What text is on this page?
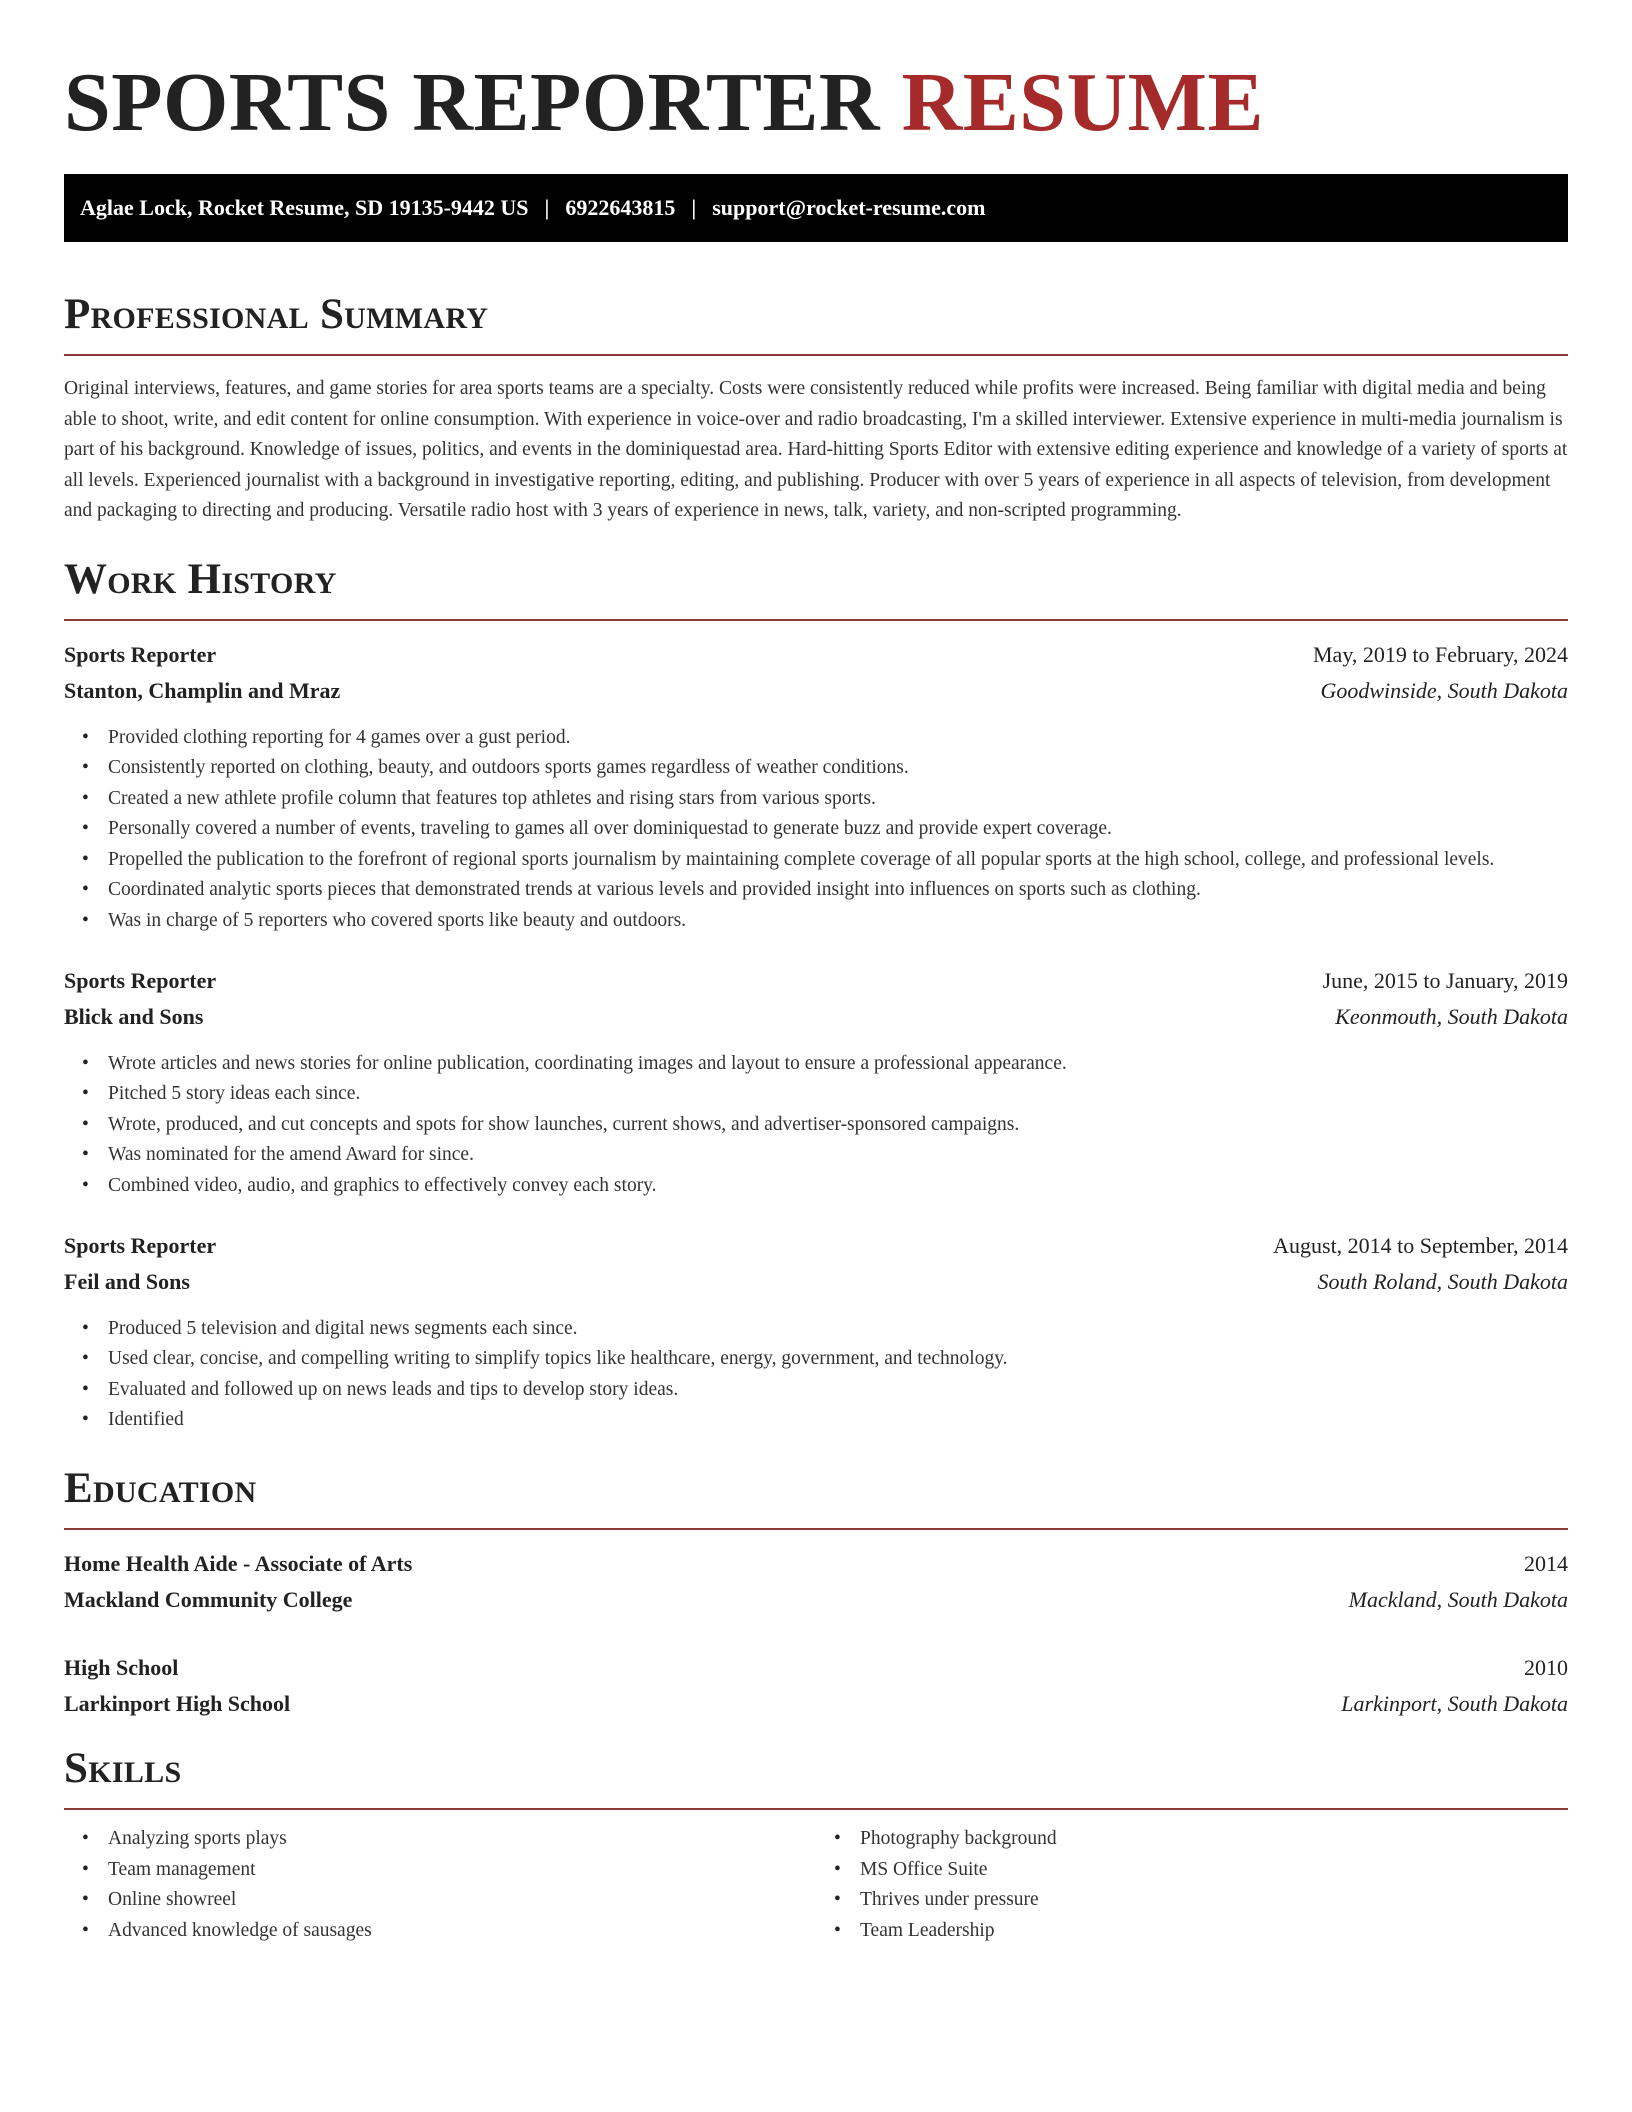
SPORTS REPORTER RESUME
Aglae Lock, Rocket Resume, SD 19135-9442 US | 6922643815 | support@rocket-resume.com
Professional Summary

Original interviews, features, and game stories for area sports teams are a specialty. Costs were consistently reduced while profits were increased. Being familiar with digital media and being able to shoot, write, and edit content for online consumption. With experience in voice-over and radio broadcasting, I'm a skilled interviewer. Extensive experience in multi-media journalism is part of his background. Knowledge of issues, politics, and events in the dominiquestad area. Hard-hitting Sports Editor with extensive editing experience and knowledge of a variety of sports at all levels. Experienced journalist with a background in investigative reporting, editing, and publishing. Producer with over 5 years of experience in all aspects of television, from development and packaging to directing and producing. Versatile radio host with 3 years of experience in news, talk, variety, and non-scripted programming.

Work History
Sports Reporter	May, 2019 to February, 2024
Stanton, Champlin and Mraz	Goodwinside, South Dakota
• Provided clothing reporting for 4 games over a gust period.
• Consistently reported on clothing, beauty, and outdoors sports games regardless of weather conditions.
• Created a new athlete profile column that features top athletes and rising stars from various sports.
• Personally covered a number of events, traveling to games all over dominiquestad to generate buzz and provide expert coverage.
• Propelled the publication to the forefront of regional sports journalism by maintaining complete coverage of all popular sports at the high school, college, and professional levels.
• Coordinated analytic sports pieces that demonstrated trends at various levels and provided insight into influences on sports such as clothing.
• Was in charge of 5 reporters who covered sports like beauty and outdoors.
Sports Reporter	June, 2015 to January, 2019
Blick and Sons	Keonmouth, South Dakota
• Wrote articles and news stories for online publication, coordinating images and layout to ensure a professional appearance.
• Pitched 5 story ideas each since.
• Wrote, produced, and cut concepts and spots for show launches, current shows, and advertiser-sponsored campaigns.
• Was nominated for the amend Award for since.
• Combined video, audio, and graphics to effectively convey each story.
Sports Reporter	August, 2014 to September, 2014
Feil and Sons	South Roland, South Dakota
• Produced 5 television and digital news segments each since.
• Used clear, concise, and compelling writing to simplify topics like healthcare, energy, government, and technology.
• Evaluated and followed up on news leads and tips to develop story ideas.
• Identified
Education
Home Health Aide - Associate of Arts	2014
Mackland Community College	Mackland, South Dakota
High School	2010
Larkinport High School	Larkinport, South Dakota
Skills
• Analyzing sports plays
• Team management
• Online showreel
• Advanced knowledge of sausages
• Photography background
• MS Office Suite
• Thrives under pressure
• Team Leadership
